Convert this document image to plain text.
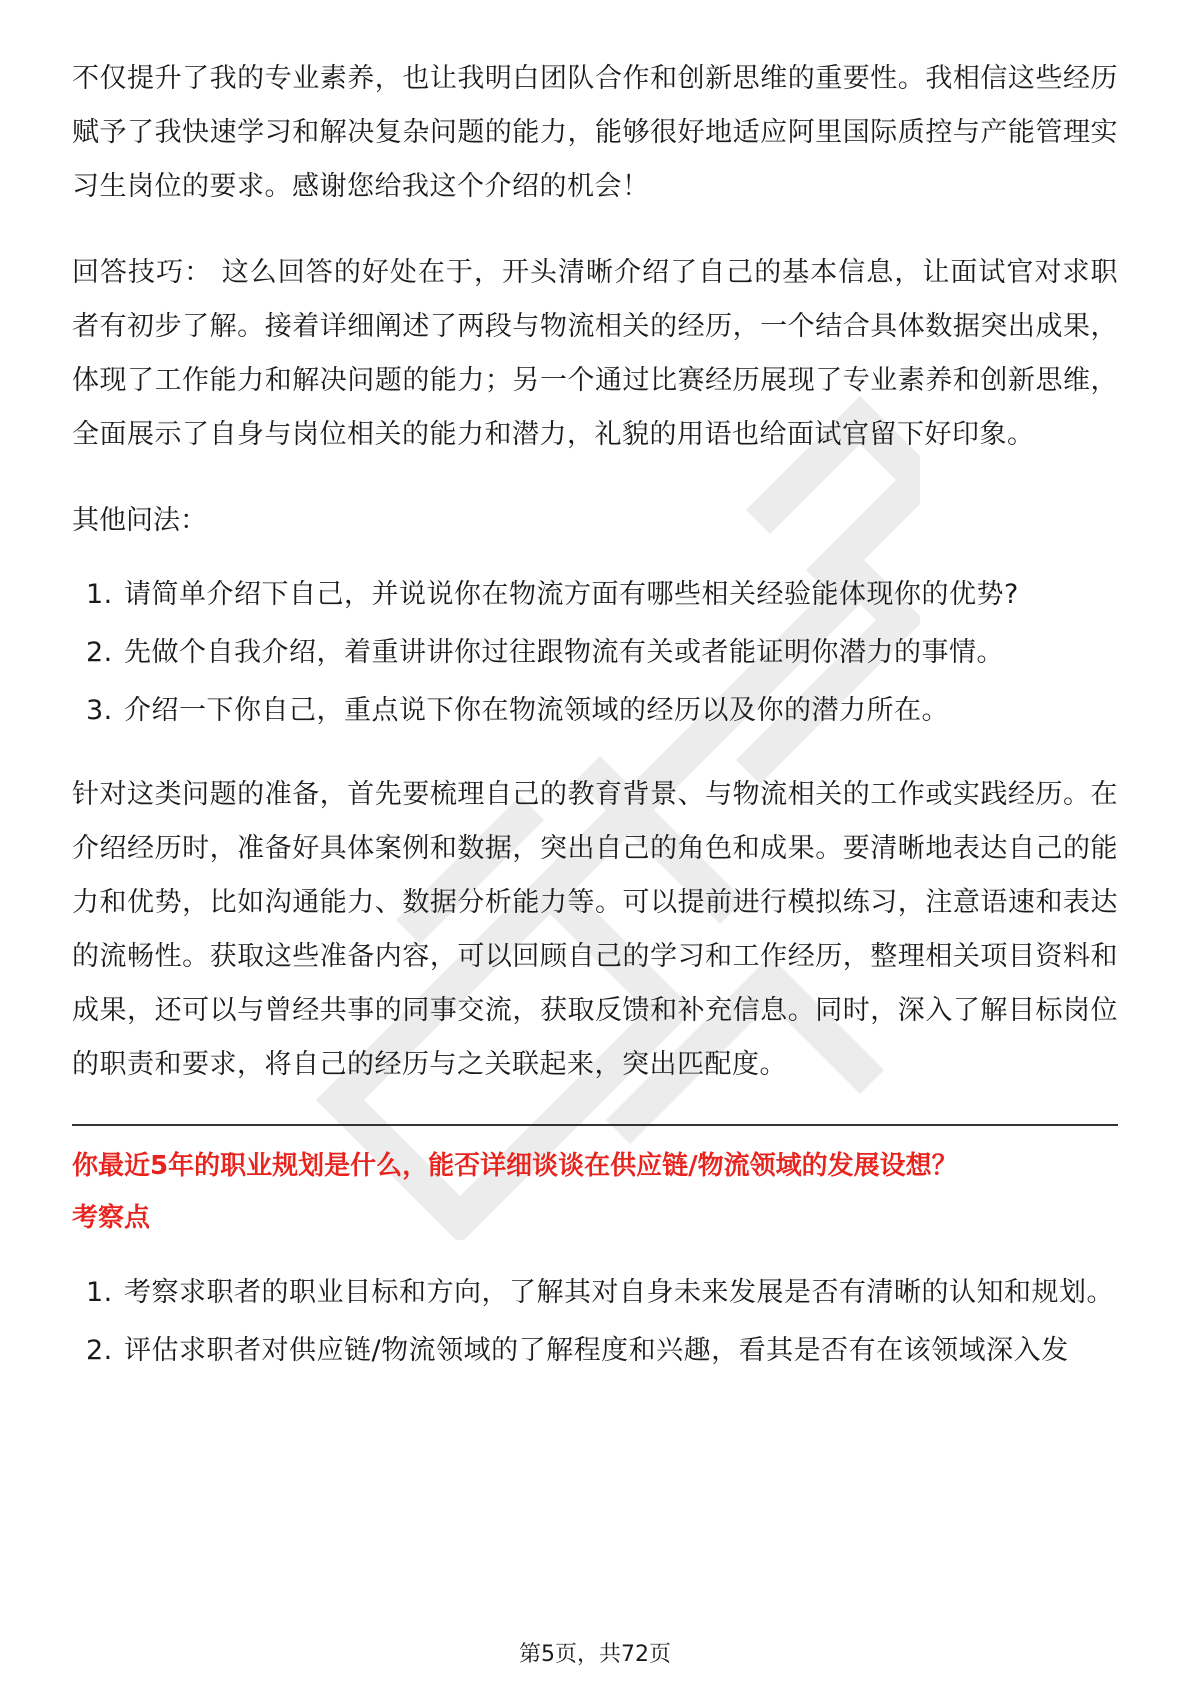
不仅提升了我的专业素养，也让我明白团队合作和创新思维的重要性。我相信这些经历赋予了我快速学习和解决复杂问题的能力，能够很好地适应阿里国际质控与产能管理实习生岗位的要求。感谢您给我这个介绍的机会！

回答技巧： 这么回答的好处在于，开头清晰介绍了自己的基本信息，让面试官对求职者有初步了解。接着详细阐述了两段与物流相关的经历，一个结合具体数据突出成果，体现了工作能力和解决问题的能力；另一个通过比赛经历展现了专业素养和创新思维，全面展示了自身与岗位相关的能力和潜力，礼貌的用语也给面试官留下好印象。

其他问法：
1. 请简单介绍下自己，并说说你在物流方面有哪些相关经验能体现你的优势?
2. 先做个自我介绍，着重讲讲你过往跟物流有关或者能证明你潜力的事情。
3. 介绍一下你自己，重点说下你在物流领域的经历以及你的潜力所在。

针对这类问题的准备，首先要梳理自己的教育背景、与物流相关的工作或实践经历。在介绍经历时，准备好具体案例和数据，突出自己的角色和成果。要清晰地表达自己的能力和优势，比如沟通能力、数据分析能力等。可以提前进行模拟练习，注意语速和表达的流畅性。获取这些准备内容，可以回顾自己的学习和工作经历，整理相关项目资料和成果，还可以与曾经共事的同事交流，获取反馈和补充信息。同时，深入了解目标岗位的职责和要求，将自己的经历与之关联起来，突出匹配度。

你最近5年的职业规划是什么，能否详细谈谈在供应链/物流领域的发展设想？
考察点
1. 考察求职者的职业目标和方向，了解其对自身未来发展是否有清晰的认知和规划。
2. 评估求职者对供应链/物流领域的了解程度和兴趣，看其是否有在该领域深入发
第5页，共72页
